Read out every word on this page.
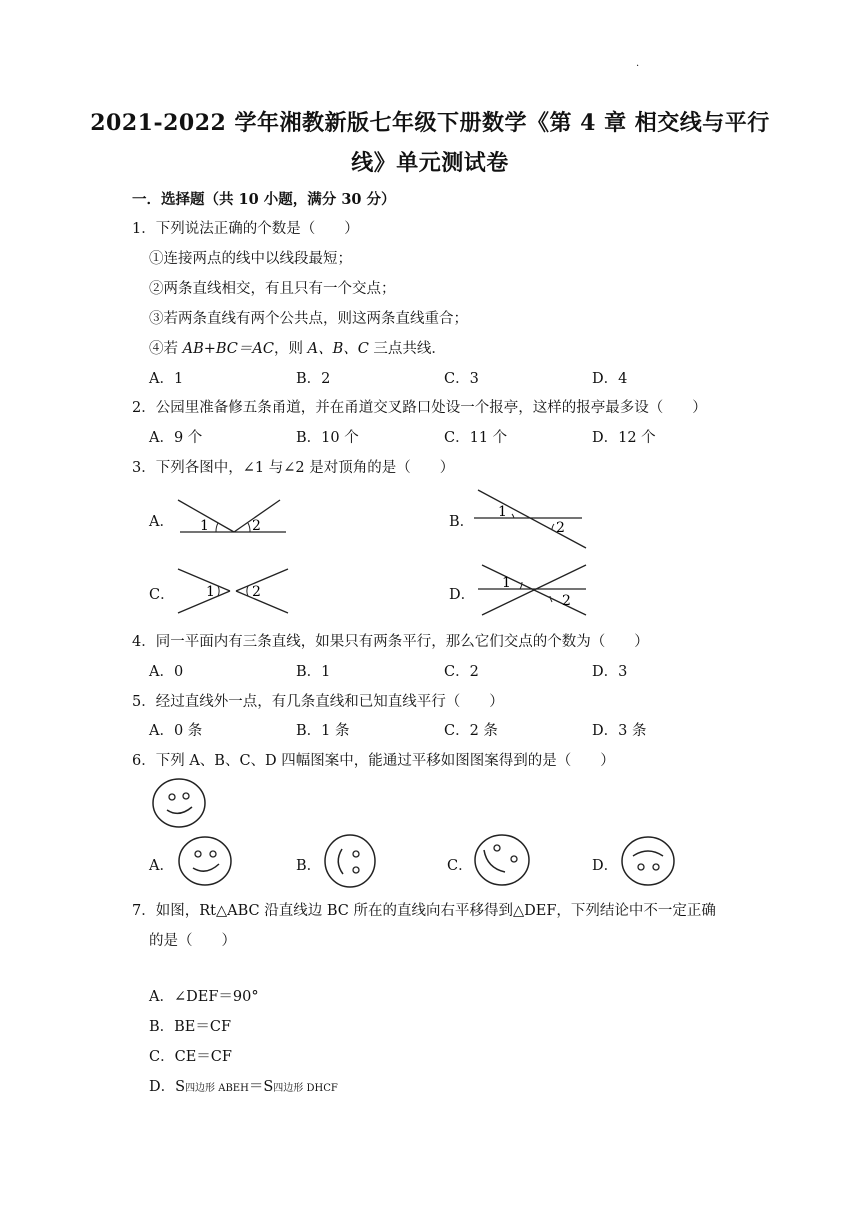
.
2021-2022 学年湘教新版七年级下册数学《第 4 章 相交线与平行
线》单元测试卷
一．选择题（共 10 小题，满分 30 分）
1．下列说法正确的个数是（　　）
①连接两点的线中以线段最短；
②两条直线相交，有且只有一个交点；
③若两条直线有两个公共点，则这两条直线重合；
④若 AB+BC＝AC，则 A、B、C 三点共线．
A．1	B．2	C．3	D．4
2．公园里准备修五条甬道，并在甬道交叉路口处设一个报亭，这样的报亭最多设（　　）
A．9 个	B．10 个	C．11 个	D．12 个
3．下列各图中，∠1 与∠2 是对顶角的是（　　）
A．	B．
C．	D．
1	2
1
2
1	2
1
2
4．同一平面内有三条直线，如果只有两条平行，那么它们交点的个数为（　　）
A．0	B．1	C．2	D．3
5．经过直线外一点，有几条直线和已知直线平行（　　）
A．0 条	B．1 条	C．2 条	D．3 条
6．下列 A、B、C、D 四幅图案中，能通过平移如图图案得到的是（　　）
A．	B．	C．	D．
7．如图，Rt△ABC 沿直线边 BC 所在的直线向右平移得到△DEF，下列结论中不一定正确
的是（　　）
A．∠DEF＝90°
B．BE＝CF
C．CE＝CF
D．S四边形 ABEH＝S四边形 DHCF
